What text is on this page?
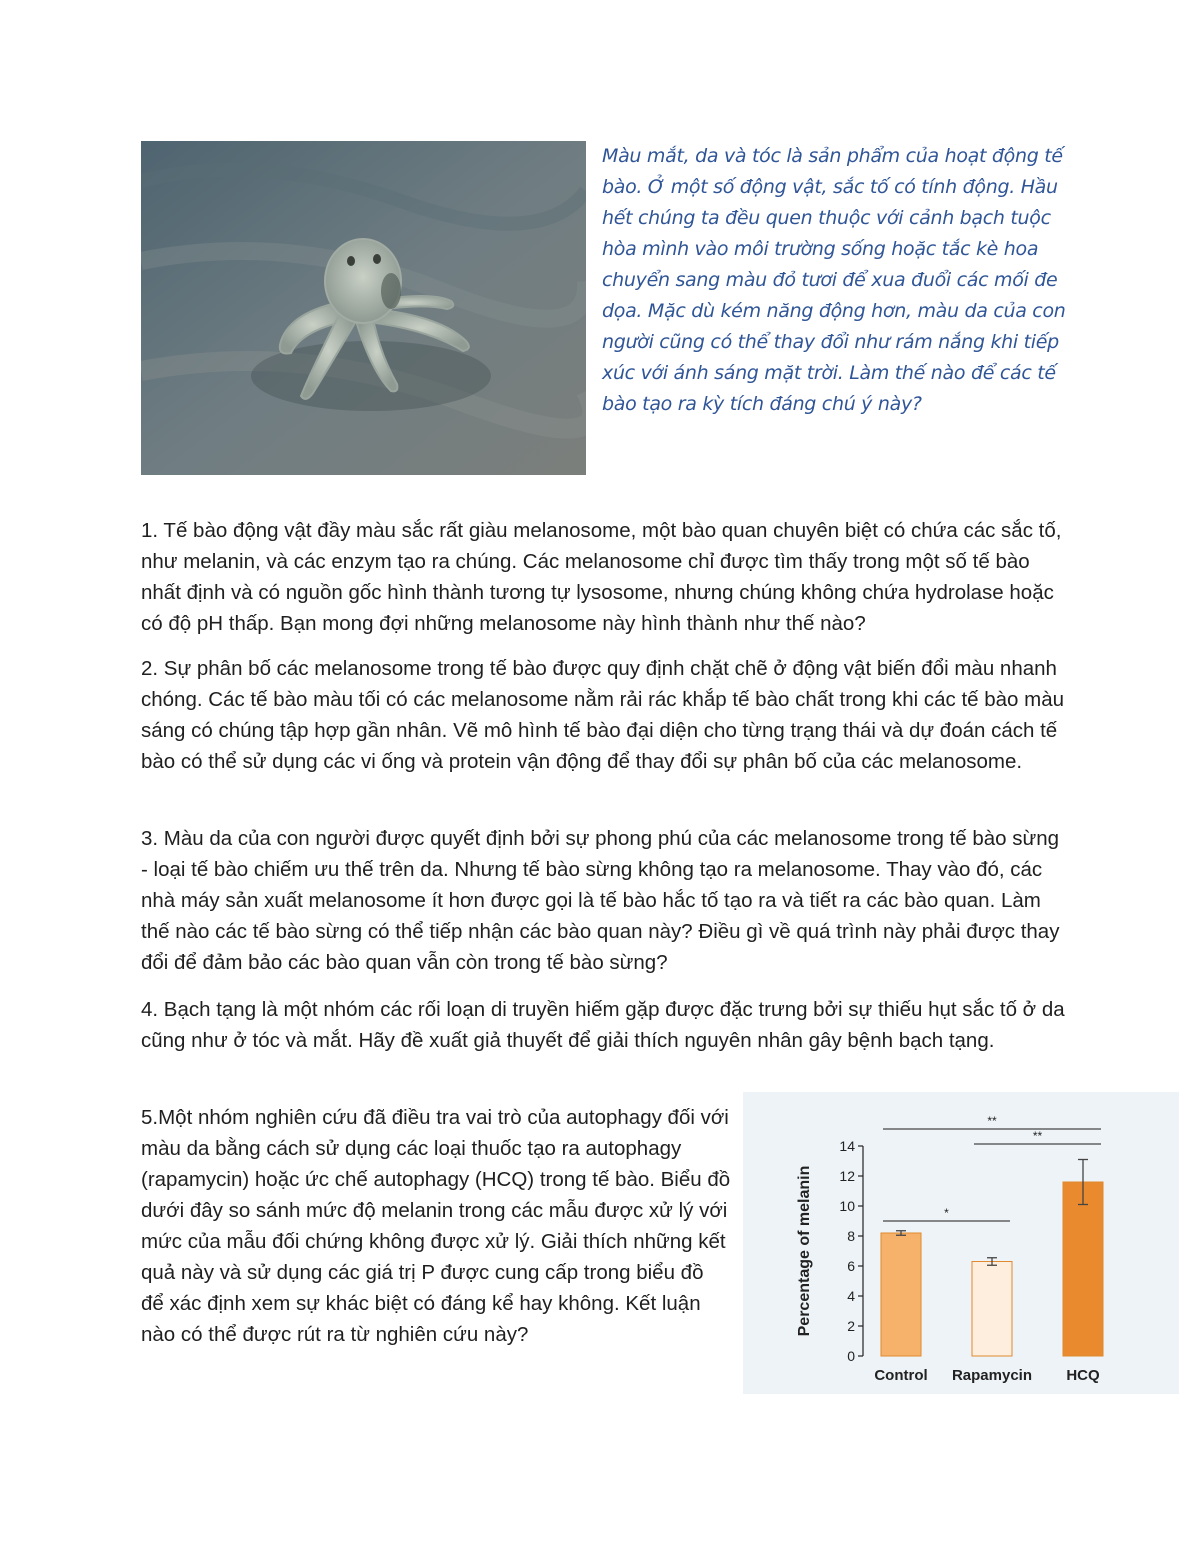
Màu mắt, da và tóc là sản phẩm của hoạt động tế bào. Ở một số động vật, sắc tố có tính động. Hầu hết chúng ta đều quen thuộc với cảnh bạch tuộc hòa mình vào môi trường sống hoặc tắc kè hoa chuyển sang màu đỏ tươi để xua đuổi các mối đe dọa. Mặc dù kém năng động hơn, màu da của con người cũng có thể thay đổi như rám nắng khi tiếp xúc với ánh sáng mặt trời. Làm thế nào để các tế bào tạo ra kỳ tích đáng chú ý này?
1. Tế bào động vật đầy màu sắc rất giàu melanosome, một bào quan chuyên biệt có chứa các sắc tố, như melanin, và các enzym tạo ra chúng. Các melanosome chỉ được tìm thấy trong một số tế bào nhất định và có nguồn gốc hình thành tương tự lysosome, nhưng chúng không chứa hydrolase hoặc có độ pH thấp. Bạn mong đợi những melanosome này hình thành như thế nào?
2. Sự phân bố các melanosome trong tế bào được quy định chặt chẽ ở động vật biến đổi màu nhanh chóng. Các tế bào màu tối có các melanosome nằm rải rác khắp tế bào chất trong khi các tế bào màu sáng có chúng tập hợp gần nhân. Vẽ mô hình tế bào đại diện cho từng trạng thái và dự đoán cách tế bào có thể sử dụng các vi ống và protein vận động để thay đổi sự phân bố của các melanosome.
3. Màu da của con người được quyết định bởi sự phong phú của các melanosome trong tế bào sừng - loại tế bào chiếm ưu thế trên da. Nhưng tế bào sừng không tạo ra melanosome. Thay vào đó, các nhà máy sản xuất melanosome ít hơn được gọi là tế bào hắc tố tạo ra và tiết ra các bào quan. Làm thế nào các tế bào sừng có thể tiếp nhận các bào quan này? Điều gì về quá trình này phải được thay đổi để đảm bảo các bào quan vẫn còn trong tế bào sừng?
4. Bạch tạng là một nhóm các rối loạn di truyền hiếm gặp được đặc trưng bởi sự thiếu hụt sắc tố ở da cũng như ở tóc và mắt. Hãy đề xuất giả thuyết để giải thích nguyên nhân gây bệnh bạch tạng.
5.Một nhóm nghiên cứu đã điều tra vai trò của autophagy đối với màu da bằng cách sử dụng các loại thuốc tạo ra autophagy (rapamycin) hoặc ức chế autophagy (HCQ) trong tế bào. Biểu đồ dưới đây so sánh mức độ melanin trong các mẫu được xử lý với mức của mẫu đối chứng không được xử lý. Giải thích những kết quả này và sử dụng các giá trị P được cung cấp trong biểu đồ để xác định xem sự khác biệt có đáng kể hay không. Kết luận nào có thể được rút ra từ nghiên cứu này?
0
2
4
6
8
10
12
14
Percentage of melanin
Control Rapamycin HCQ
*
**
**
